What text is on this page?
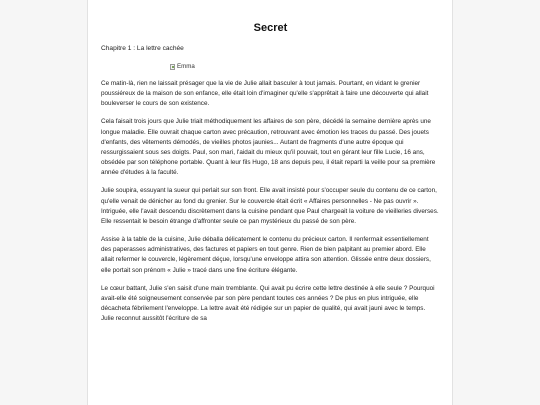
Secret
Chapitre 1 : La lettre cachée
Emma

Ce matin-là, rien ne laissait présager que la vie de Julie allait basculer à tout jamais. Pourtant, en vidant le grenier poussiéreux de la maison de son enfance, elle était loin d'imaginer qu'elle s'apprêtait à faire une découverte qui allait bouleverser le cours de son existence.

Cela faisait trois jours que Julie triait méthodiquement les affaires de son père, décédé la semaine dernière après une longue maladie. Elle ouvrait chaque carton avec précaution, retrouvant avec émotion les traces du passé. Des jouets d'enfants, des vêtements démodés, de vieilles photos jaunies... Autant de fragments d'une autre époque qui ressurgissaient sous ses doigts. Paul, son mari, l'aidait du mieux qu'il pouvait, tout en gérant leur fille Lucie, 16 ans, obsédée par son téléphone portable. Quant à leur fils Hugo, 18 ans depuis peu, il était reparti la veille pour sa première année d'études à la faculté.

Julie soupira, essuyant la sueur qui perlait sur son front. Elle avait insisté pour s'occuper seule du contenu de ce carton, qu'elle venait de dénicher au fond du grenier. Sur le couvercle était écrit « Affaires personnelles - Ne pas ouvrir ». Intriguée, elle l'avait descendu discrètement dans la cuisine pendant que Paul chargeait la voiture de vieilleries diverses. Elle ressentait le besoin étrange d'affronter seule ce pan mystérieux du passé de son père.

Assise à la table de la cuisine, Julie déballa délicatement le contenu du précieux carton. Il renfermait essentiellement des paperasses administratives, des factures et papiers en tout genre. Rien de bien palpitant au premier abord. Elle allait refermer le couvercle, légèrement déçue, lorsqu'une enveloppe attira son attention. Glissée entre deux dossiers, elle portait son prénom « Julie » tracé dans une fine écriture élégante.

Le cœur battant, Julie s'en saisit d'une main tremblante. Qui avait pu écrire cette lettre destinée à elle seule ? Pourquoi avait-elle été soigneusement conservée par son père pendant toutes ces années ? De plus en plus intriguée, elle décacheta fébrilement l'enveloppe. La lettre avait été rédigée sur un papier de qualité, qui avait jauni avec le temps. Julie reconnut aussitôt l'écriture de sa
